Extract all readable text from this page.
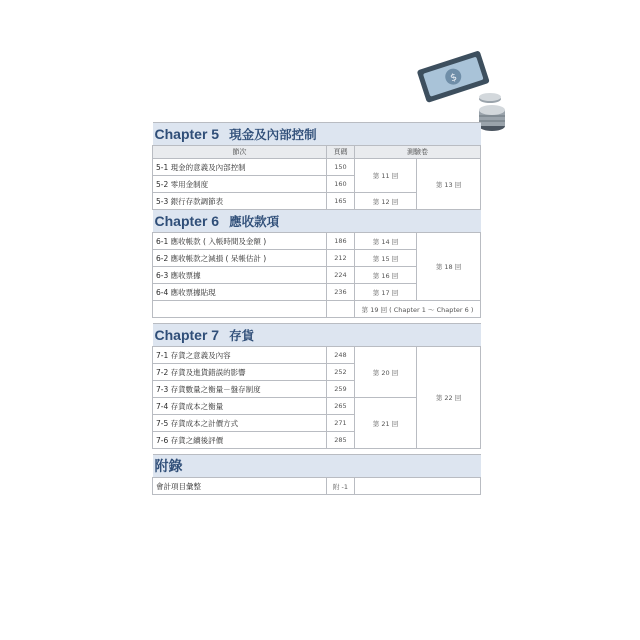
$
Chapter 5 現金及內部控制			
節次	頁碼	測驗卷	
5-1 現金的意義及內部控制	150	第 11 回	第 13 回
5-2 零用金制度	160		
5-3 銀行存款調節表	165	第 12 回	
Chapter 6 應收款項			
6-1 應收帳款 ( 入帳時間及金額 )	186	第 14 回	第 18 回
6-2 應收帳款之減損 ( 呆帳估計 )	212	第 15 回	
6-3 應收票據	224	第 16 回	
6-4 應收票據貼現	236	第 17 回	
		第 19 回 ( Chapter 1 ～ Chapter 6 )	

Chapter 7 存貨			
7-1 存貨之意義及內容	248	第 20 回	第 22 回
7-2 存貨及進貨錯誤的影響	252		
7-3 存貨數量之衡量－盤存制度	259		
7-4 存貨成本之衡量	265	第 21 回	
7-5 存貨成本之計價方式	271		
7-6 存貨之續後評價	285		

附錄			
會計項目彙整	附 -1		
